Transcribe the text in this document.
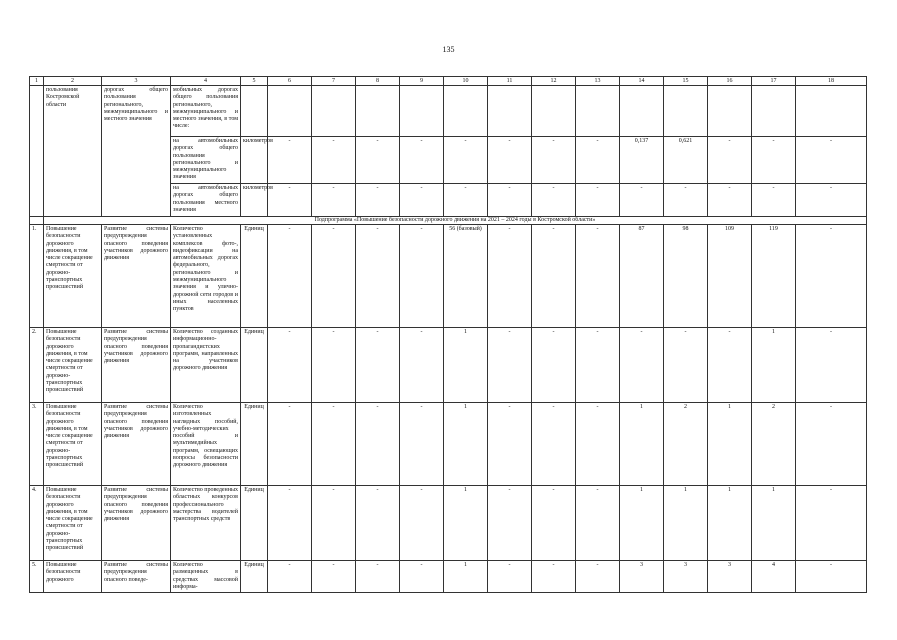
135
1	2	3	4	5	6	7	8	9	10	11	12	13	14	15	16	17	18
	пользования Костромской области	дорогах общего пользования регионального, межмуниципального и местного значения	мобильных дорогах общего пользования регионального, межмуниципального и местного значения, в том числе:														
			на автомобильных дорогах общего пользования регионального и межмуниципального значения	километров	-	-	-	-	-	-	-	-	0,137	0,621	-	-	-
			на автомобильных дорогах общего пользования местного значения	километров	-	-	-	-	-	-	-	-	-	-	-	-	-
	Подпрограмма «Повышение безопасности дорожного движения на 2021 – 2024 годы в Костромской области»																
1.	Повышение безопасности дорожного движения, в том числе сокращение смертности от дорожно-транспортных происшествий	Развитие системы предупреждения опасного поведения участников дорожного движения	Количество установленных комплексов фото-, видеофиксации на автомобильных дорогах федерального, регионального и межмуниципального значения и улично-дорожной сети городов и иных населенных пунктов	Единиц	-	-	-	-	56 (базовый)	-	-	-	87	98	109	119	-
2.	Повышение безопасности дорожного движения, в том числе сокращение смертности от дорожно-транспортных происшествий	Развитие системы предупреждения опасного поведения участников дорожного движения	Количество созданных информационно-пропагандистских программ, направленных на участников дорожного движения	Единиц	-	-	-	-	1	-	-	-	-	-	-	1	-
3.	Повышение безопасности дорожного движения, в том числе сокращение смертности от дорожно-транспортных происшествий	Развитие системы предупреждения опасного поведения участников дорожного движения	Количество изготовленных наглядных пособий, учебно-методических пособий и мультимедийных программ, освещающих вопросы безопасности дорожного движения	Единиц	-	-	-	-	1	-	-	-	1	2	1	2	-
4.	Повышение безопасности дорожного движения, в том числе сокращение смертности от дорожно-транспортных происшествий	Развитие системы предупреждения опасного поведения участников дорожного движения	Количество проведенных областных конкурсов профессионального мастерства водителей транспортных средств	Единиц	-	-	-	-	1	-	-	-	1	1	1	1	-
5.	Повышение безопасности дорожного	Развитие системы предупреждения опасного поведе-	Количество размещенных в средствах массовой информа-	Единиц	-	-	-	-	1	-	-	-	3	3	3	4	-
